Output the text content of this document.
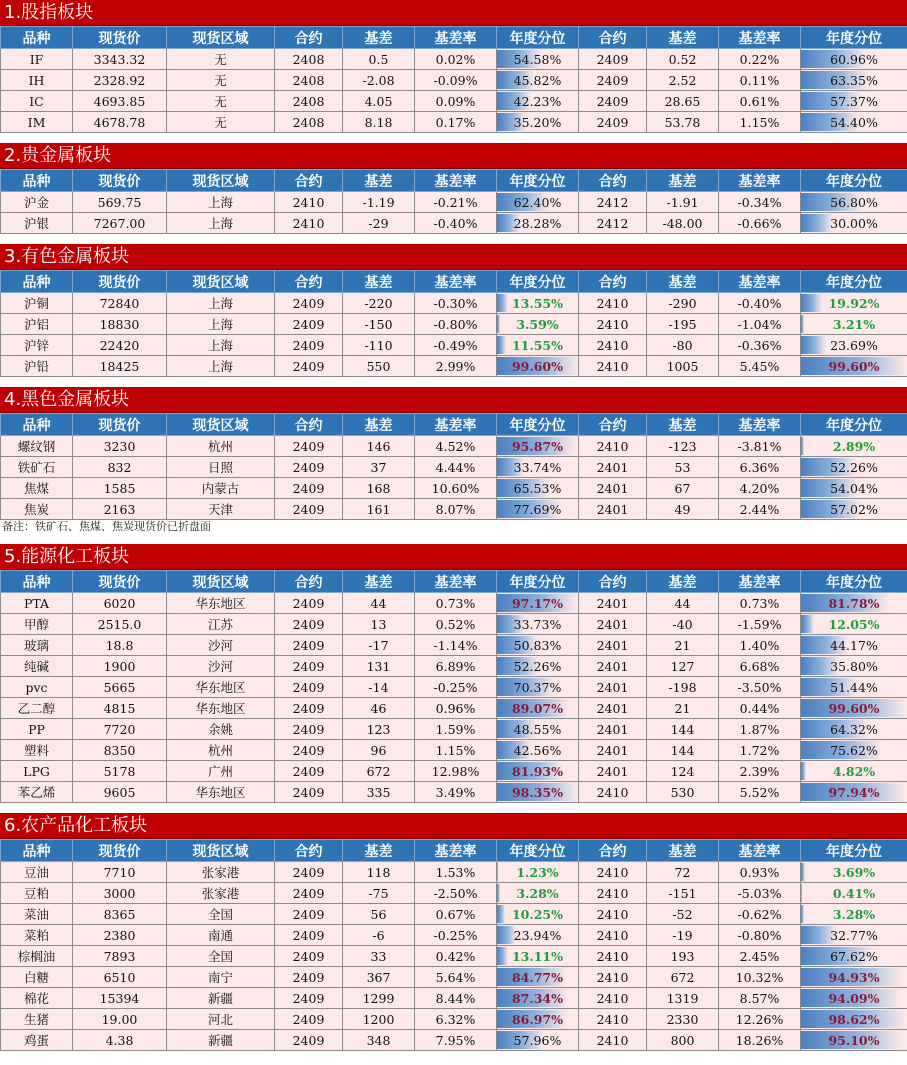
1.股指板块
品种	现货价	现货区域	合约	基差	基差率	年度分位	合约	基差	基差率	年度分位
IF	3343.32	无	2408	0.5	0.02%	54.58%	2409	0.52	0.22%	60.96%
IH	2328.92	无	2408	-2.08	-0.09%	45.82%	2409	2.52	0.11%	63.35%
IC	4693.85	无	2408	4.05	0.09%	42.23%	2409	28.65	0.61%	57.37%
IM	4678.78	无	2408	8.18	0.17%	35.20%	2409	53.78	1.15%	54.40%
2.贵金属板块
品种	现货价	现货区域	合约	基差	基差率	年度分位	合约	基差	基差率	年度分位
沪金	569.75	上海	2410	-1.19	-0.21%	62.40%	2412	-1.91	-0.34%	56.80%
沪银	7267.00	上海	2410	-29	-0.40%	28.28%	2412	-48.00	-0.66%	30.00%
3.有色金属板块
品种	现货价	现货区域	合约	基差	基差率	年度分位	合约	基差	基差率	年度分位
沪铜	72840	上海	2409	-220	-0.30%	13.55%	2410	-290	-0.40%	19.92%
沪铝	18830	上海	2409	-150	-0.80%	3.59%	2410	-195	-1.04%	3.21%
沪锌	22420	上海	2409	-110	-0.49%	11.55%	2410	-80	-0.36%	23.69%
沪铅	18425	上海	2409	550	2.99%	99.60%	2410	1005	5.45%	99.60%
4.黑色金属板块
品种	现货价	现货区域	合约	基差	基差率	年度分位	合约	基差	基差率	年度分位
螺纹钢	3230	杭州	2409	146	4.52%	95.87%	2410	-123	-3.81%	2.89%
铁矿石	832	日照	2409	37	4.44%	33.74%	2401	53	6.36%	52.26%
焦煤	1585	内蒙古	2409	168	10.60%	65.53%	2401	67	4.20%	54.04%
焦炭	2163	天津	2409	161	8.07%	77.69%	2401	49	2.44%	57.02%
备注：铁矿石、焦煤、焦炭现货价已折盘面
5.能源化工板块
品种	现货价	现货区域	合约	基差	基差率	年度分位	合约	基差	基差率	年度分位
PTA	6020	华东地区	2409	44	0.73%	97.17%	2401	44	0.73%	81.78%
甲醇	2515.0	江苏	2409	13	0.52%	33.73%	2401	-40	-1.59%	12.05%
玻璃	18.8	沙河	2409	-17	-1.14%	50.83%	2401	21	1.40%	44.17%
纯碱	1900	沙河	2409	131	6.89%	52.26%	2401	127	6.68%	35.80%
pvc	5665	华东地区	2409	-14	-0.25%	70.37%	2401	-198	-3.50%	51.44%
乙二醇	4815	华东地区	2409	46	0.96%	89.07%	2401	21	0.44%	99.60%
PP	7720	余姚	2409	123	1.59%	48.55%	2401	144	1.87%	64.32%
塑料	8350	杭州	2409	96	1.15%	42.56%	2401	144	1.72%	75.62%
LPG	5178	广州	2409	672	12.98%	81.93%	2401	124	2.39%	4.82%
苯乙烯	9605	华东地区	2409	335	3.49%	98.35%	2410	530	5.52%	97.94%
6.农产品化工板块
品种	现货价	现货区域	合约	基差	基差率	年度分位	合约	基差	基差率	年度分位
豆油	7710	张家港	2409	118	1.53%	1.23%	2410	72	0.93%	3.69%
豆粕	3000	张家港	2409	-75	-2.50%	3.28%	2410	-151	-5.03%	0.41%
菜油	8365	全国	2409	56	0.67%	10.25%	2410	-52	-0.62%	3.28%
菜粕	2380	南通	2409	-6	-0.25%	23.94%	2410	-19	-0.80%	32.77%
棕榈油	7893	全国	2409	33	0.42%	13.11%	2410	193	2.45%	67.62%
白糖	6510	南宁	2409	367	5.64%	84.77%	2410	672	10.32%	94.93%
棉花	15394	新疆	2409	1299	8.44%	87.34%	2410	1319	8.57%	94.09%
生猪	19.00	河北	2409	1200	6.32%	86.97%	2410	2330	12.26%	98.62%
鸡蛋	4.38	新疆	2409	348	7.95%	57.96%	2410	800	18.26%	95.10%
